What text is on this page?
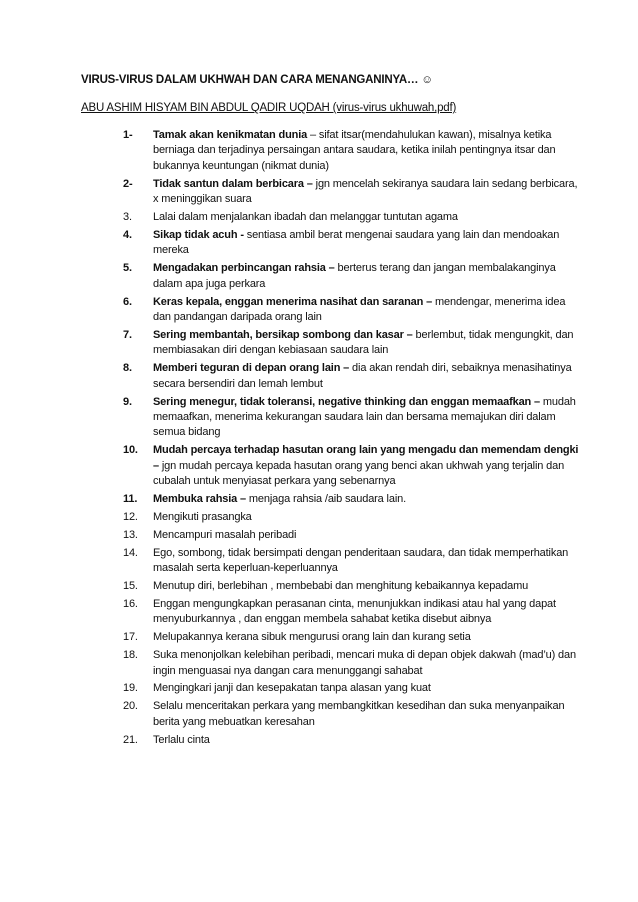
VIRUS-VIRUS DALAM UKHWAH DAN CARA MENANGANINYA… ☺
ABU ASHIM HISYAM BIN ABDUL QADIR UQDAH (virus-virus ukhuwah,pdf)
1-	Tamak akan kenikmatan dunia – sifat itsar(mendahulukan kawan), misalnya ketika berniaga dan terjadinya persaingan antara saudara, ketika inilah pentingnya itsar dan bukannya keuntungan (nikmat dunia)
2-	Tidak santun dalam berbicara – jgn mencelah sekiranya saudara lain sedang berbicara, x meninggikan suara
3.	Lalai dalam menjalankan ibadah dan melanggar tuntutan agama
4.	Sikap tidak acuh - sentiasa ambil berat mengenai saudara yang lain dan mendoakan mereka
5.	Mengadakan perbincangan rahsia – berterus terang dan jangan membalakanginya dalam apa juga perkara
6.	Keras kepala, enggan menerima nasihat dan saranan – mendengar, menerima idea dan pandangan daripada orang lain
7.	Sering membantah, bersikap sombong dan kasar – berlembut, tidak mengungkit, dan membiasakan diri dengan kebiasaan saudara lain
8.	Memberi teguran di depan orang lain – dia akan rendah diri, sebaiknya menasihatinya secara bersendiri dan lemah lembut
9.	Sering menegur, tidak toleransi, negative thinking dan enggan memaafkan – mudah memaafkan, menerima kekurangan saudara lain dan bersama memajukan diri dalam semua bidang
10.	Mudah percaya terhadap hasutan orang lain yang mengadu dan memendam dengki – jgn mudah percaya kepada hasutan orang yang benci akan ukhwah yang terjalin dan cubalah untuk menyiasat perkara yang sebenarnya
11.	Membuka rahsia – menjaga rahsia /aib saudara lain.
12.	Mengikuti prasangka
13.	Mencampuri masalah peribadi
14.	Ego, sombong, tidak bersimpati dengan penderitaan saudara, dan tidak memperhatikan masalah serta keperluan-keperluannya
15.	Menutup diri, berlebihan , membebabi dan menghitung kebaikannya kepadamu
16.	Enggan mengungkapkan perasanan cinta, menunjukkan indikasi atau hal yang dapat menyuburkannya , dan enggan membela sahabat ketika disebut aibnya
17.	Melupakannya kerana sibuk mengurusi orang lain dan kurang setia
18.	Suka menonjolkan kelebihan peribadi, mencari muka di depan objek dakwah (mad’u) dan ingin menguasai nya dangan cara menunggangi sahabat
19.	Mengingkari janji dan kesepakatan tanpa alasan yang kuat
20.	Selalu menceritakan perkara yang membangkitkan kesedihan dan suka menyanpaikan berita yang mebuatkan keresahan
21.	Terlalu cinta
